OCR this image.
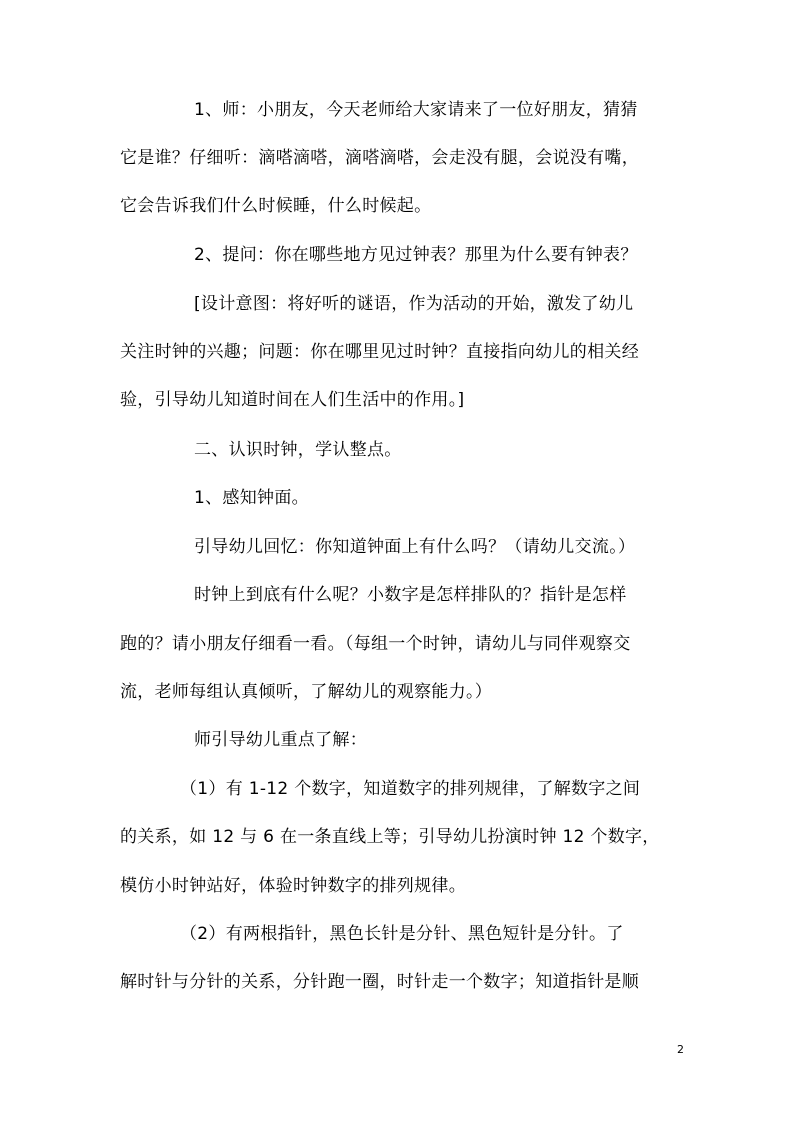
1、师：小朋友，今天老师给大家请来了一位好朋友，猜猜
它是谁？仔细听：滴嗒滴嗒，滴嗒滴嗒，会走没有腿，会说没有嘴，
它会告诉我们什么时候睡，什么时候起。
2、提问：你在哪些地方见过钟表？那里为什么要有钟表？
[设计意图：将好听的谜语，作为活动的开始，激发了幼儿
关注时钟的兴趣；问题：你在哪里见过时钟？直接指向幼儿的相关经
验，引导幼儿知道时间在人们生活中的作用。]
二、认识时钟，学认整点。
1、感知钟面。
引导幼儿回忆：你知道钟面上有什么吗？（请幼儿交流。）
时钟上到底有什么呢？小数字是怎样排队的？指针是怎样
跑的？请小朋友仔细看一看。（每组一个时钟，请幼儿与同伴观察交
流，老师每组认真倾听，了解幼儿的观察能力。）
师引导幼儿重点了解：
（1）有 1-12 个数字，知道数字的排列规律，了解数字之间
的关系，如 12 与 6 在一条直线上等；引导幼儿扮演时钟 12 个数字，
模仿小时钟站好，体验时钟数字的排列规律。
（2）有两根指针，黑色长针是分针、黑色短针是分针。了
解时针与分针的关系，分针跑一圈，时针走一个数字；知道指针是顺
2
